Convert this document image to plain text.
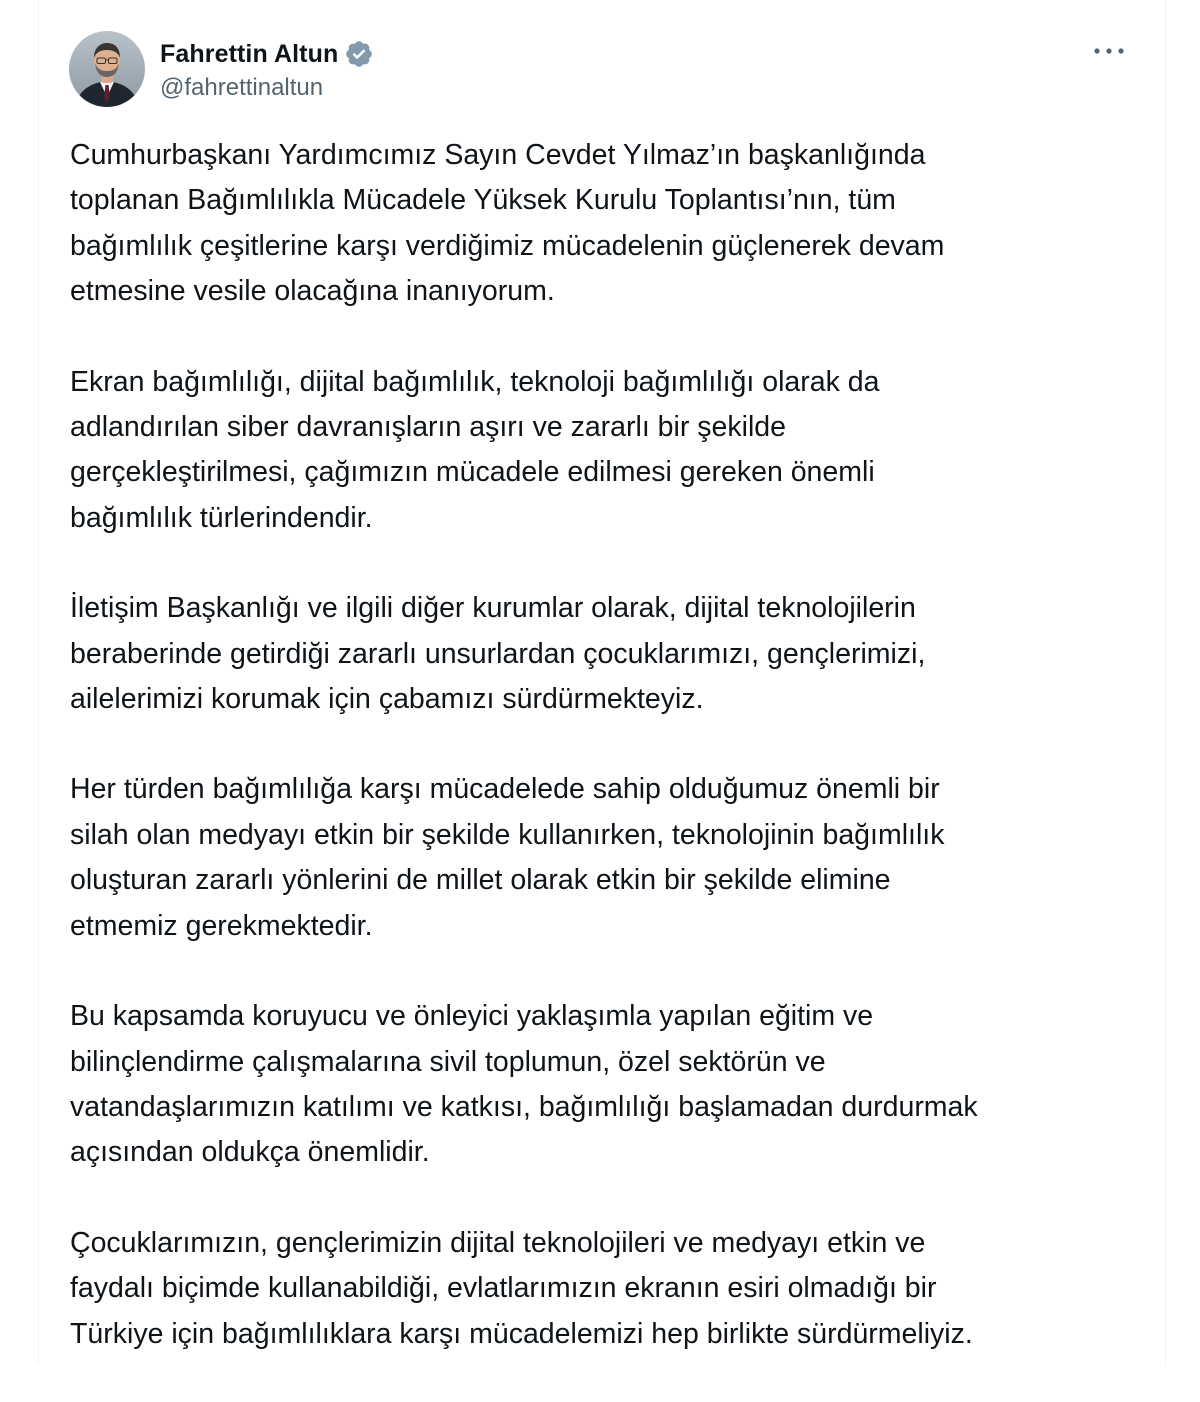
Fahrettin Altun
@fahrettinaltun

Cumhurbaşkanı Yardımcımız Sayın Cevdet Yılmaz’ın başkanlığında
toplanan Bağımlılıkla Mücadele Yüksek Kurulu Toplantısı’nın, tüm
bağımlılık çeşitlerine karşı verdiğimiz mücadelenin güçlenerek devam
etmesine vesile olacağına inanıyorum.

Ekran bağımlılığı, dijital bağımlılık, teknoloji bağımlılığı olarak da
adlandırılan siber davranışların aşırı ve zararlı bir şekilde
gerçekleştirilmesi, çağımızın mücadele edilmesi gereken önemli
bağımlılık türlerindendir.

İletişim Başkanlığı ve ilgili diğer kurumlar olarak, dijital teknolojilerin
beraberinde getirdiği zararlı unsurlardan çocuklarımızı, gençlerimizi,
ailelerimizi korumak için çabamızı sürdürmekteyiz.

Her türden bağımlılığa karşı mücadelede sahip olduğumuz önemli bir
silah olan medyayı etkin bir şekilde kullanırken, teknolojinin bağımlılık
oluşturan zararlı yönlerini de millet olarak etkin bir şekilde elimine
etmemiz gerekmektedir.

Bu kapsamda koruyucu ve önleyici yaklaşımla yapılan eğitim ve
bilinçlendirme çalışmalarına sivil toplumun, özel sektörün ve
vatandaşlarımızın katılımı ve katkısı, bağımlılığı başlamadan durdurmak
açısından oldukça önemlidir.

Çocuklarımızın, gençlerimizin dijital teknolojileri ve medyayı etkin ve
faydalı biçimde kullanabildiği, evlatlarımızın ekranın esiri olmadığı bir
Türkiye için bağımlılıklara karşı mücadelemizi hep birlikte sürdürmeliyiz.
